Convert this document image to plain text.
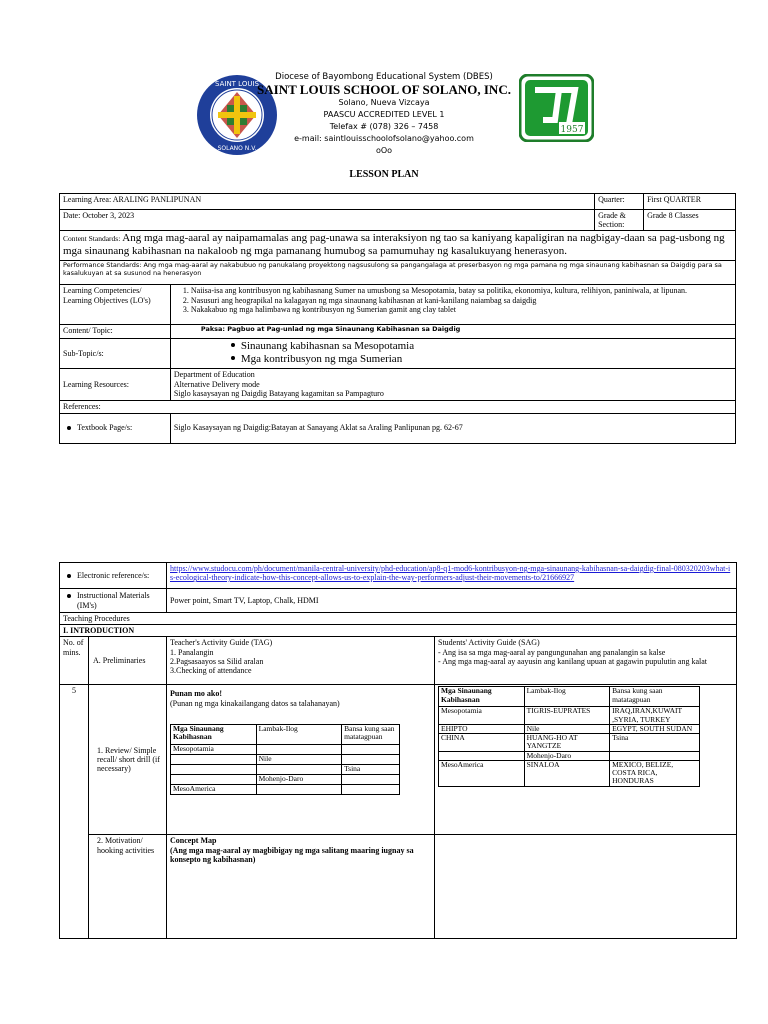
SAINT LOUIS
SOLANO N.V.
Diocese of Bayombong Educational System (DBES)
SAINT LOUIS SCHOOL OF SOLANO, INC.
Solano, Nueva Vizcaya
PAASCU ACCREDITED LEVEL 1
Telefax # (078) 326 – 7458
e-mail: saintlouisschoolofsolano@yahoo.com
oOo
1957
LESSON PLAN
Learning Area: ARALING PANLIPUNAN		Quarter:	First QUARTER
Date: October 3, 2023		Grade & Section:	Grade 8 Classes
Content Standards: Ang mga mag-aaral ay naipamamalas ang pag-unawa sa interaksiyon ng tao sa kaniyang kapaligiran na nagbigay-daan sa pag-usbong ng mga sinaunang kabihasnan na nakaloob ng mga pamanang humubog sa pamumuhay ng kasalukuyang henerasyon.			
Performance Standards: Ang mga mag-aaral ay nakabubuo ng panukalang proyektong nagsusulong sa pangangalaga at preserbasyon ng mga pamana ng mga sinaunang kabihasnan sa Daigdig para sa kasalukuyan at sa susunod na henerasyon			
Learning Competencies/ Learning Objectives (LO's)	1. Naiisa-isa ang kontribusyon ng kabihasnang Sumer na umusbong sa Mesopotamia, batay sa politika, ekonomiya, kultura, relihiyon, paniniwala, at lipunan.
2. Nasusuri ang heograpikal na kalagayan ng mga sinaunang kabihasnan at kani-kanilang naiambag sa daigdig
3. Nakakabuo ng mga halimbawa ng kontribusyon ng Sumerian gamit ang clay tablet		

Content/ Topic:	Paksa: Pagbuo at Pag-unlad ng mga Sinaunang Kabihasnan sa Daigdig		
Sub-Topic/s:	Sinaunang kabihasnan sa Mesopotamia
Mga kontribusyon ng mga Sumerian		

Learning Resources:	Department of Education
Alternative Delivery mode
Siglo kasaysayan ng Daigdig Batayang kagamitan sa Pampagturo		

References:			

Textbook Page/s:	Siglo Kasaysayan ng Daigdig:Batayan at Sanayang Aklat sa Araling Panlipunan pg. 62-67		
Electronic reference/s:
	https://www.studocu.com/ph/document/manila-central-university/phd-education/ap8-q1-mod6-kontribusyon-ng-mga-sinaunang-kabihasnan-sa-daigdig-final-080320203what-is-ecological-theory-indicate-how-this-concept-allows-us-to-explain-the-way-performers-adjust-their-movements-to/21666927

Instructional Materials (IM's)
	Power point, Smart TV, Laptop, Chalk, HDMI
Teaching Procedures
I. INTRODUCTION
No. of mins.	A. Preliminaries	
Teacher's Activity Guide (TAG)
1. Panalangin
2.Pagsasaayos sa Silid aralan
3.Checking of attendance

Students' Activity Guide (SAG)
- Ang isa sa mga mag-aaral ay pangungunahan ang panalangin sa kalse
- Ang mga mag-aaral ay aayusin ang kanilang upuan at gagawin pupulutin ang kalat

5	1. Review/ Simple recall/ short drill (if necessary)	
Punan mo ako!
(Punan ng mga kinakailangang datos sa talahanayan)
Mga Sinaunang Kabihasnan	Lambak-Ilog	Bansa kung saan matatagpuan
Mesopotamia		
	Nile	
		Tsina
	Mohenjo-Daro	
MesoAmerica		

Mga Sinaunang Kabihasnan	Lambak-Ilog	Bansa kung saan matatagpuan
Mesopotamia	TIGRIS-EUPRATES	IRAQ,IRAN,KUWAIT ,SYRIA, TURKEY
EHIPTO	Nile	EGYPT, SOUTH SUDAN
CHINA	HUANG-HO AT YANGTZE	Tsina
	Mohenjo-Daro	
MesoAmerica	SINALOA	MEXICO, BELIZE, COSTA RICA, HONDURAS

2. Motivation/ hooking activities	
Concept Map
(Ang mga mag-aaral ay magbibigay ng mga salitang maaring iugnay sa konsepto ng kabihasnan)
